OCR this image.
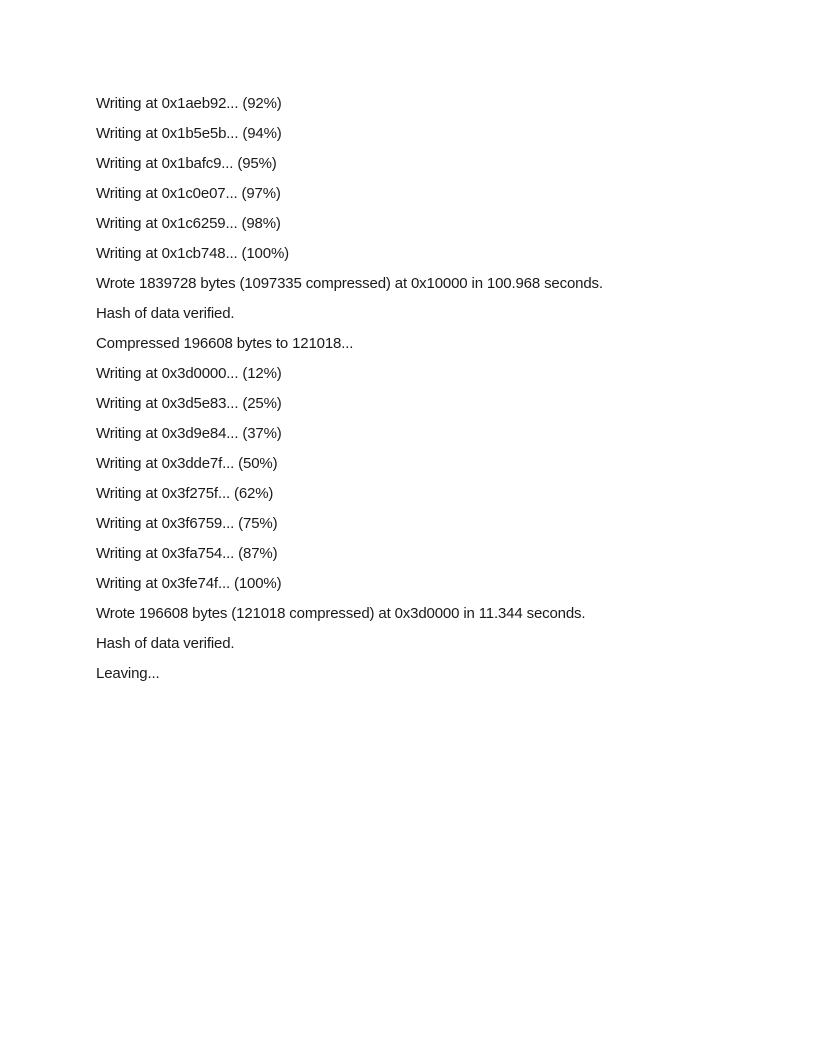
Writing at 0x1aeb92... (92%)

Writing at 0x1b5e5b... (94%)

Writing at 0x1bafc9... (95%)

Writing at 0x1c0e07... (97%)

Writing at 0x1c6259... (98%)

Writing at 0x1cb748... (100%)

Wrote 1839728 bytes (1097335 compressed) at 0x10000 in 100.968 seconds.

Hash of data verified.

Compressed 196608 bytes to 121018...

Writing at 0x3d0000... (12%)

Writing at 0x3d5e83... (25%)

Writing at 0x3d9e84... (37%)

Writing at 0x3dde7f... (50%)

Writing at 0x3f275f... (62%)

Writing at 0x3f6759... (75%)

Writing at 0x3fa754... (87%)

Writing at 0x3fe74f... (100%)

Wrote 196608 bytes (121018 compressed) at 0x3d0000 in 11.344 seconds.

Hash of data verified.

Leaving...
